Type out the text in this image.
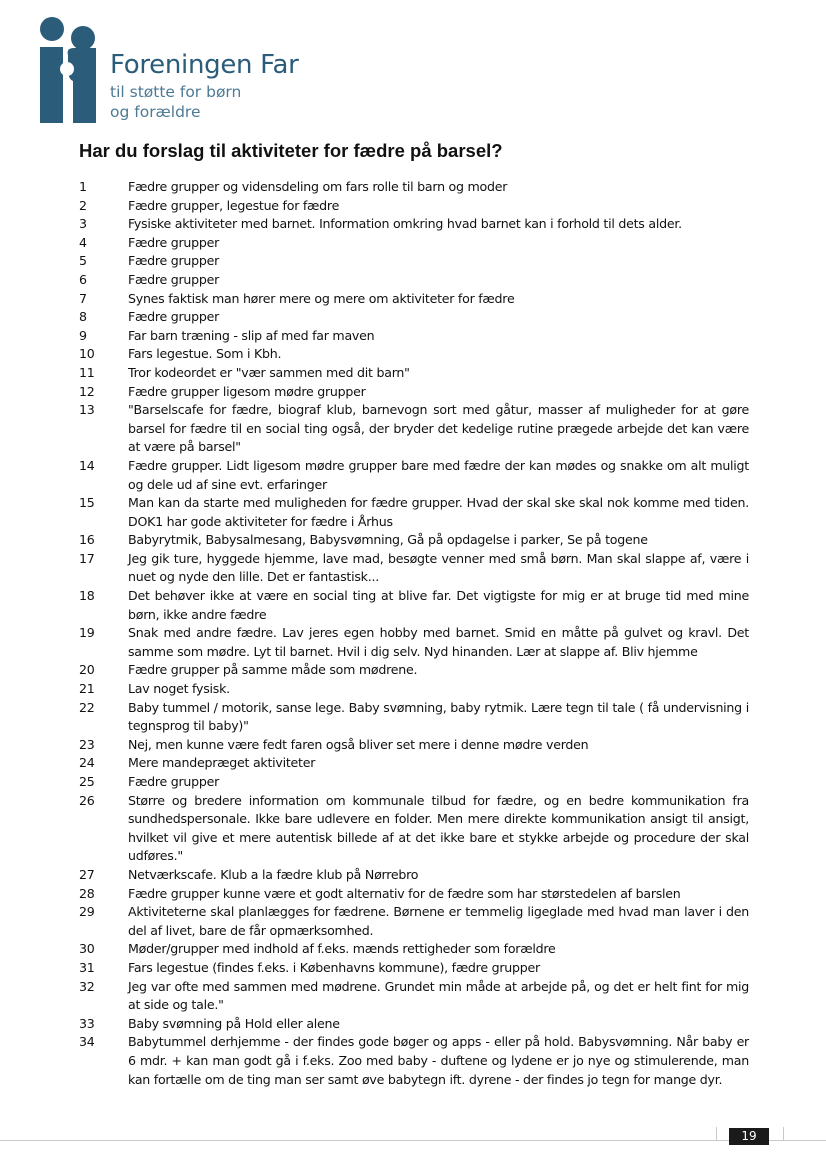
Foreningen Far
til støtte for børn
og forældre
Har du forslag til aktiviteter for fædre på barsel?
1	Fædre grupper og vidensdeling om fars rolle til barn og moder
2	Fædre grupper, legestue for fædre
3	Fysiske aktiviteter med barnet. Information omkring hvad barnet kan i forhold til dets alder.
4	Fædre grupper
5	Fædre grupper
6	Fædre grupper
7	Synes faktisk man hører mere og mere om aktiviteter for fædre
8	Fædre grupper
9	Far barn træning - slip af med far maven
10	Fars legestue. Som i Kbh.
11	Tror kodeordet er "vær sammen med dit barn"
12	Fædre grupper ligesom mødre grupper
13	"Barselscafe for fædre, biograf klub, barnevogn sort med gåtur, masser af muligheder for at gøre barsel for fædre til en social ting også, der bryder det kedelige rutine prægede arbejde det kan være at være på barsel"
14	Fædre grupper. Lidt ligesom mødre grupper bare med fædre der kan mødes og snakke om alt muligt og dele ud af sine evt. erfaringer
15	Man kan da starte med muligheden for fædre grupper. Hvad der skal ske skal nok komme med tiden. DOK1 har gode aktiviteter for fædre i Århus
16	Babyrytmik, Babysalmesang, Babysvømning, Gå på opdagelse i parker, Se på togene
17	Jeg gik ture, hyggede hjemme, lave mad, besøgte venner med små børn. Man skal slappe af, være i nuet og nyde den lille. Det er fantastisk...
18	Det behøver ikke at være en social ting at blive far. Det vigtigste for mig er at bruge tid med mine børn, ikke andre fædre
19	Snak med andre fædre. Lav jeres egen hobby med barnet. Smid en måtte på gulvet og kravl. Det samme som mødre. Lyt til barnet. Hvil i dig selv. Nyd hinanden. Lær at slappe af. Bliv hjemme
20	Fædre grupper på samme måde som mødrene.
21	Lav noget fysisk.
22	Baby tummel / motorik, sanse lege. Baby svømning, baby rytmik. Lære tegn til tale ( få undervisning i tegnsprog til baby)"
23	Nej, men kunne være fedt faren også bliver set mere i denne mødre verden
24	Mere mandepræget aktiviteter
25	Fædre grupper
26	Større og bredere information om kommunale tilbud for fædre, og en bedre kommunikation fra sundhedspersonale. Ikke bare udlevere en folder. Men mere direkte kommunikation ansigt til ansigt, hvilket vil give et mere autentisk billede af at det ikke bare et stykke arbejde og procedure der skal udføres."
27	Netværkscafe. Klub a la fædre klub på Nørrebro
28	Fædre grupper kunne være et godt alternativ for de fædre som har størstedelen af barslen
29	Aktiviteterne skal planlægges for fædrene. Børnene er temmelig ligeglade med hvad man laver i den del af livet, bare de får opmærksomhed.
30	Møder/grupper med indhold af f.eks. mænds rettigheder som forældre
31	Fars legestue (findes f.eks. i Københavns kommune), fædre grupper
32	Jeg var ofte med sammen med mødrene. Grundet min måde at arbejde på, og det er helt fint for mig at side og tale."
33	Baby svømning på Hold eller alene
34	Babytummel derhjemme - der findes gode bøger og apps - eller på hold. Babysvømning. Når baby er 6 mdr. + kan man godt gå i f.eks. Zoo med baby - duftene og lydene er jo nye og stimulerende, man kan fortælle om de ting man ser samt øve babytegn ift. dyrene - der findes jo tegn for mange dyr.
19
